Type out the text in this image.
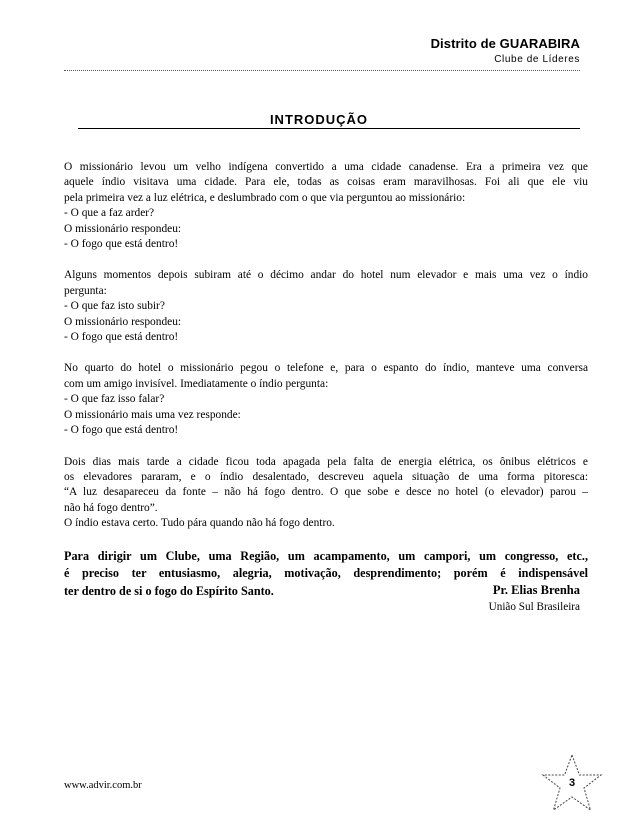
Distrito de GUARABIRA
Clube de Líderes
INTRODUÇÃO
O missionário levou um velho indígena convertido a uma cidade canadense. Era a primeira vez que
aquele índio visitava uma cidade. Para ele, todas as coisas eram maravilhosas. Foi ali que ele viu
pela primeira vez a luz elétrica, e deslumbrado com o que via perguntou ao missionário:
- O que a faz arder?
O missionário respondeu:
- O fogo que está dentro!
Alguns momentos depois subiram até o décimo andar do hotel num elevador e mais uma vez o índio
pergunta:
- O que faz isto subir?
O missionário respondeu:
- O fogo que está dentro!
No quarto do hotel o missionário pegou o telefone e, para o espanto do índio, manteve uma conversa
com um amigo invisível. Imediatamente o índio pergunta:
- O que faz isso falar?
O missionário mais uma vez responde:
- O fogo que está dentro!
Dois dias mais tarde a cidade ficou toda apagada pela falta de energia elétrica, os ônibus elétricos e
os elevadores pararam, e o índio desalentado, descreveu aquela situação de uma forma pitoresca:
“A luz desapareceu da fonte – não há fogo dentro. O que sobe e desce no hotel (o elevador) parou –
não há fogo dentro”.
O índio estava certo. Tudo pára quando não há fogo dentro.
Para dirigir um Clube, uma Região, um acampamento, um campori, um congresso, etc.,
é preciso ter entusiasmo, alegria, motivação, desprendimento; porém é indispensável
ter dentro de si o fogo do Espírito Santo.	Pr. Elias Brenha
União Sul Brasileira
www.advir.com.br	3
